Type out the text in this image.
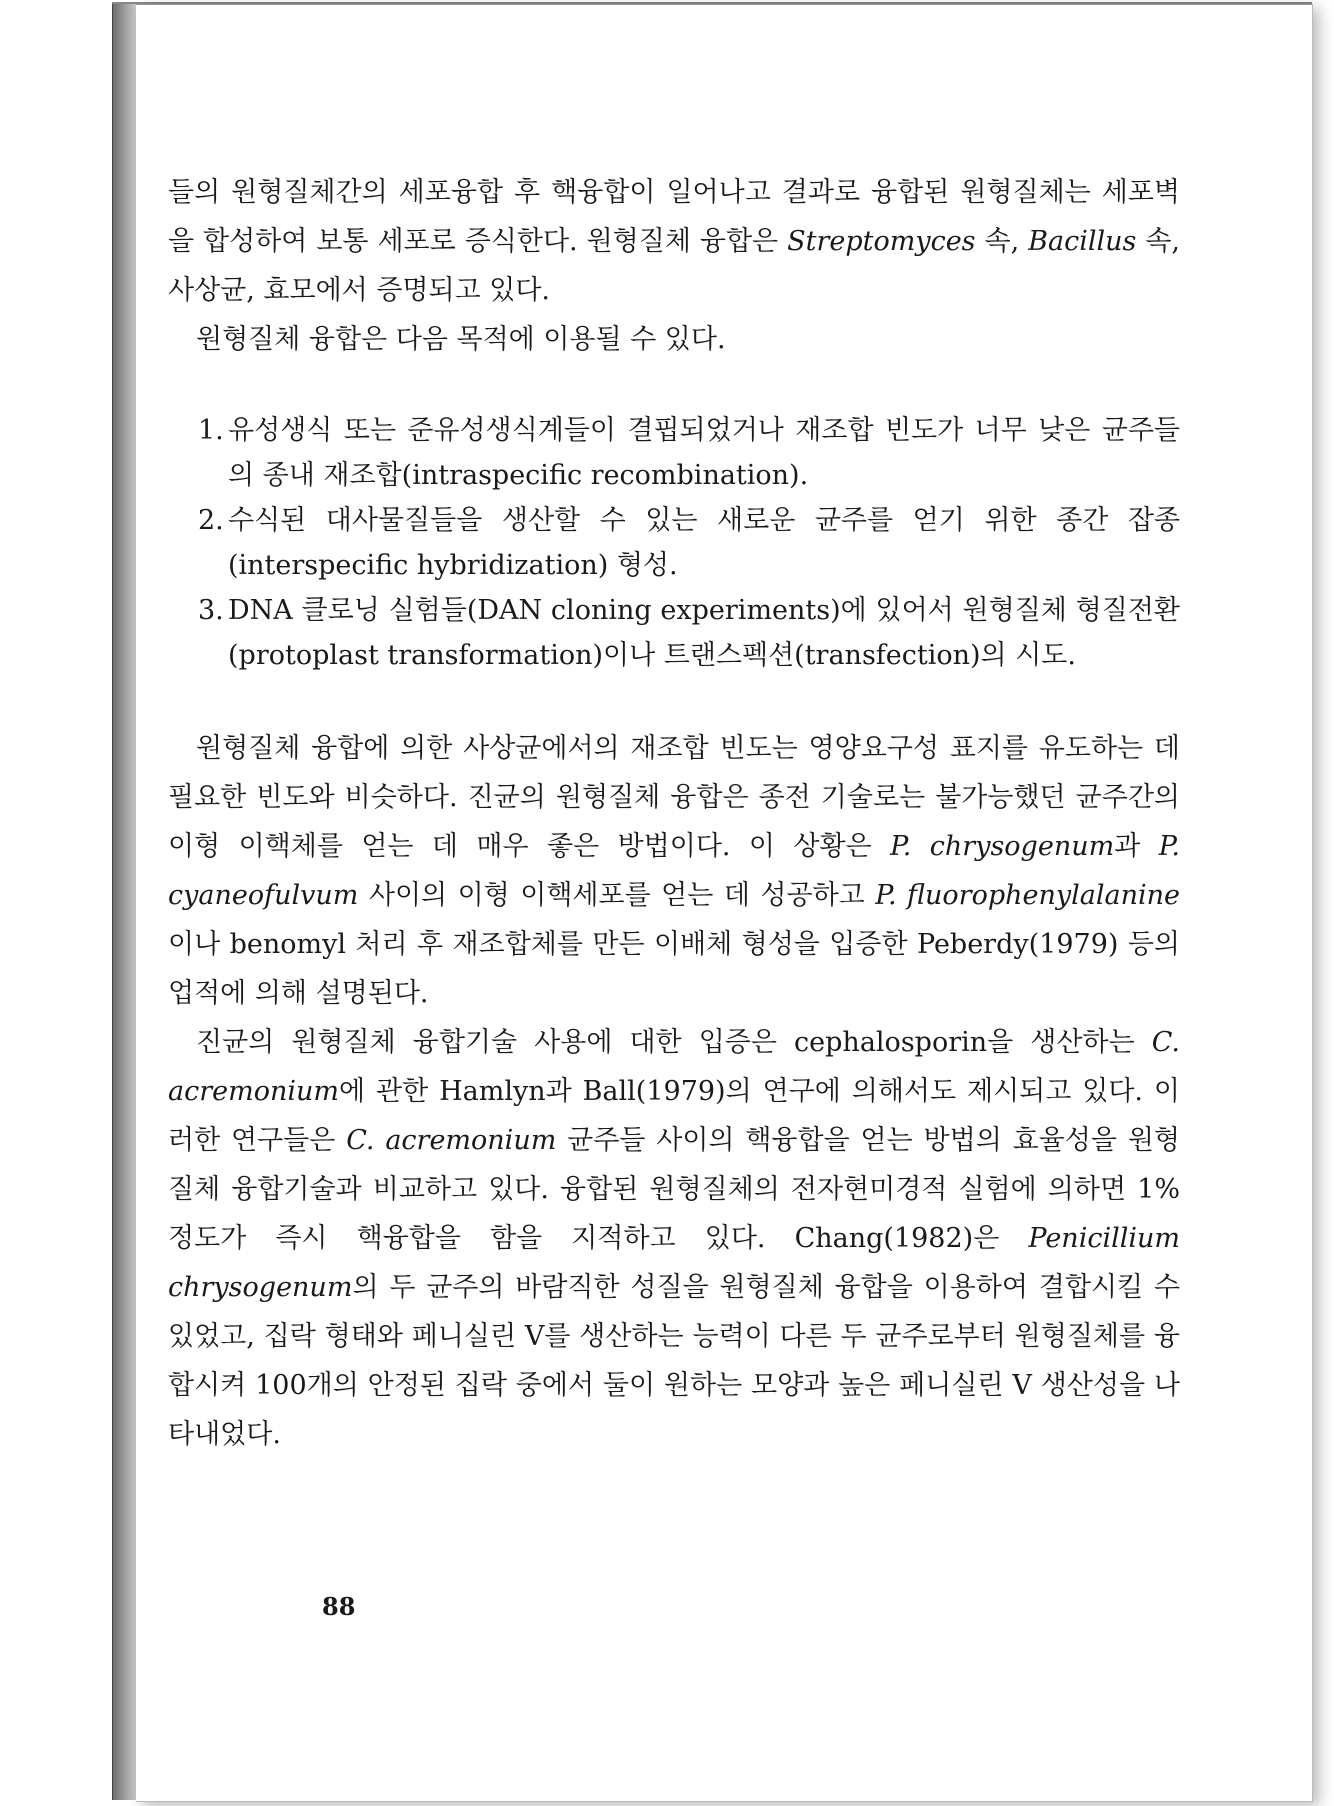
들의 원형질체간의 세포융합 후 핵융합이 일어나고 결과로 융합된 원형질체는 세포벽을 합성하여 보통 세포로 증식한다. 원형질체 융합은 Streptomyces 속, Bacillus 속, 사상균, 효모에서 증명되고 있다.

원형질체 융합은 다음 목적에 이용될 수 있다.

1. 유성생식 또는 준유성생식계들이 결핍되었거나 재조합 빈도가 너무 낮은 균주들의 종내 재조합(intraspecific recombination).
2. 수식된 대사물질들을 생산할 수 있는 새로운 균주를 얻기 위한 종간 잡종(interspecific hybridization) 형성.
3. DNA 클로닝 실험들(DAN cloning experiments)에 있어서 원형질체 형질전환(protoplast transformation)이나 트랜스펙션(transfection)의 시도.

원형질체 융합에 의한 사상균에서의 재조합 빈도는 영양요구성 표지를 유도하는 데 필요한 빈도와 비슷하다. 진균의 원형질체 융합은 종전 기술로는 불가능했던 균주간의 이형 이핵체를 얻는 데 매우 좋은 방법이다. 이 상황은 P. chrysogenum과 P. cyaneofulvum 사이의 이형 이핵세포를 얻는 데 성공하고 P. fluorophenylalanine이나 benomyl 처리 후 재조합체를 만든 이배체 형성을 입증한 Peberdy(1979) 등의 업적에 의해 설명된다.

진균의 원형질체 융합기술 사용에 대한 입증은 cephalosporin을 생산하는 C. acremonium에 관한 Hamlyn과 Ball(1979)의 연구에 의해서도 제시되고 있다. 이러한 연구들은 C. acremonium 균주들 사이의 핵융합을 얻는 방법의 효율성을 원형질체 융합기술과 비교하고 있다. 융합된 원형질체의 전자현미경적 실험에 의하면 1% 정도가 즉시 핵융합을 함을 지적하고 있다. Chang(1982)은 Penicillium chrysogenum의 두 균주의 바람직한 성질을 원형질체 융합을 이용하여 결합시킬 수 있었고, 집락 형태와 페니실린 V를 생산하는 능력이 다른 두 균주로부터 원형질체를 융합시켜 100개의 안정된 집락 중에서 둘이 원하는 모양과 높은 페니실린 V 생산성을 나타내었다.

88
